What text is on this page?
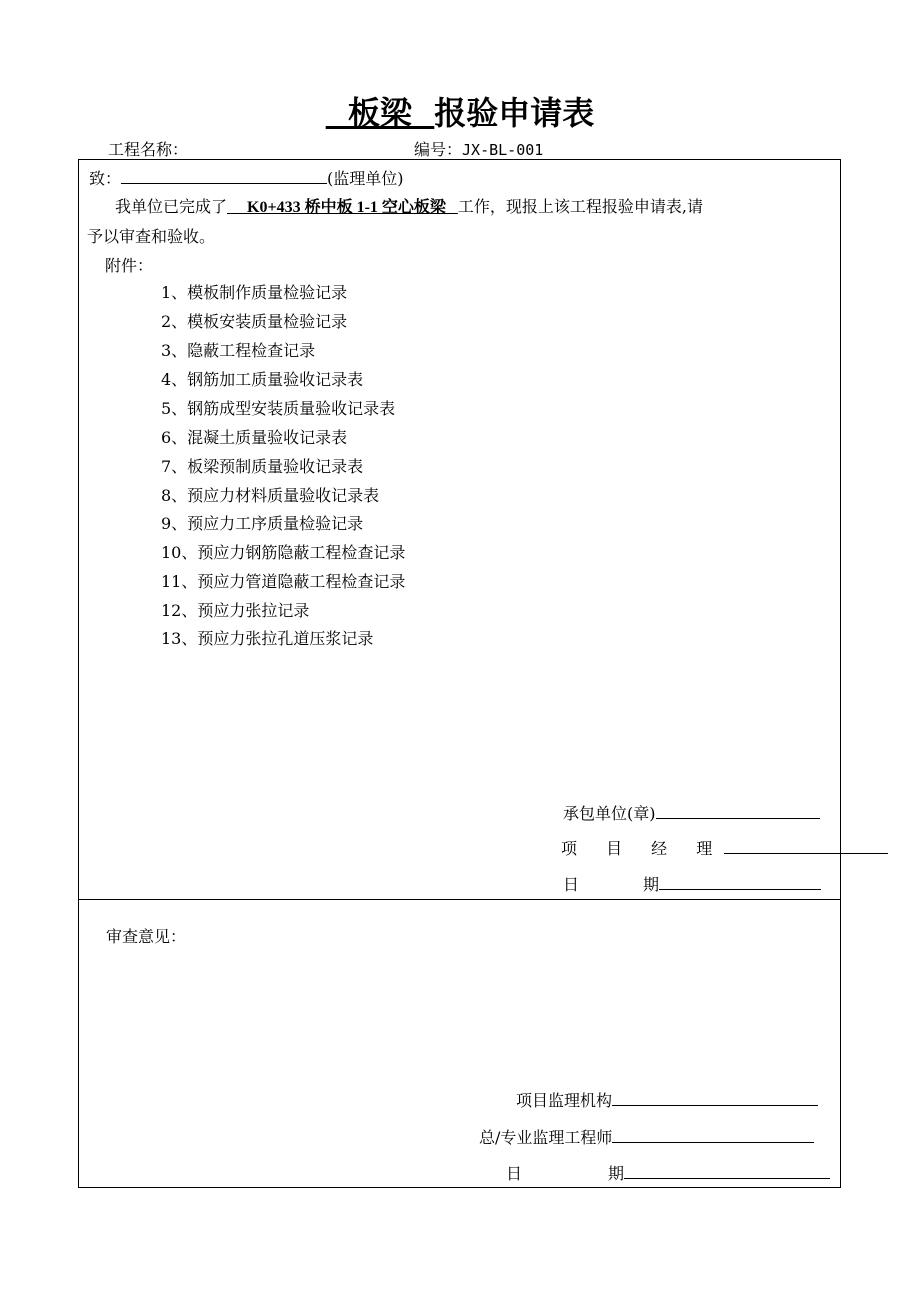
板梁  报验申请表
工程名称：	编号：JX-BL-001
致：	(监理单位)
我单位已完成了     K0+433 桥中板 1-1 空心板梁   工作，现报上该工程报验申请表,请
予以审查和验收。
附件：
1、模板制作质量检验记录
2、模板安装质量检验记录
3、隐蔽工程检查记录
4、钢筋加工质量验收记录表
5、钢筋成型安装质量验收记录表
6、混凝土质量验收记录表
7、板梁预制质量验收记录表
8、预应力材料质量验收记录表
9、预应力工序质量检验记录
10、预应力钢筋隐蔽工程检查记录
11、预应力管道隐蔽工程检查记录
12、预应力张拉记录
13、预应力张拉孔道压浆记录
承包单位(章)
项 目 经 理
日	期
审查意见：
项目监理机构
总/专业监理工程师
日	期
